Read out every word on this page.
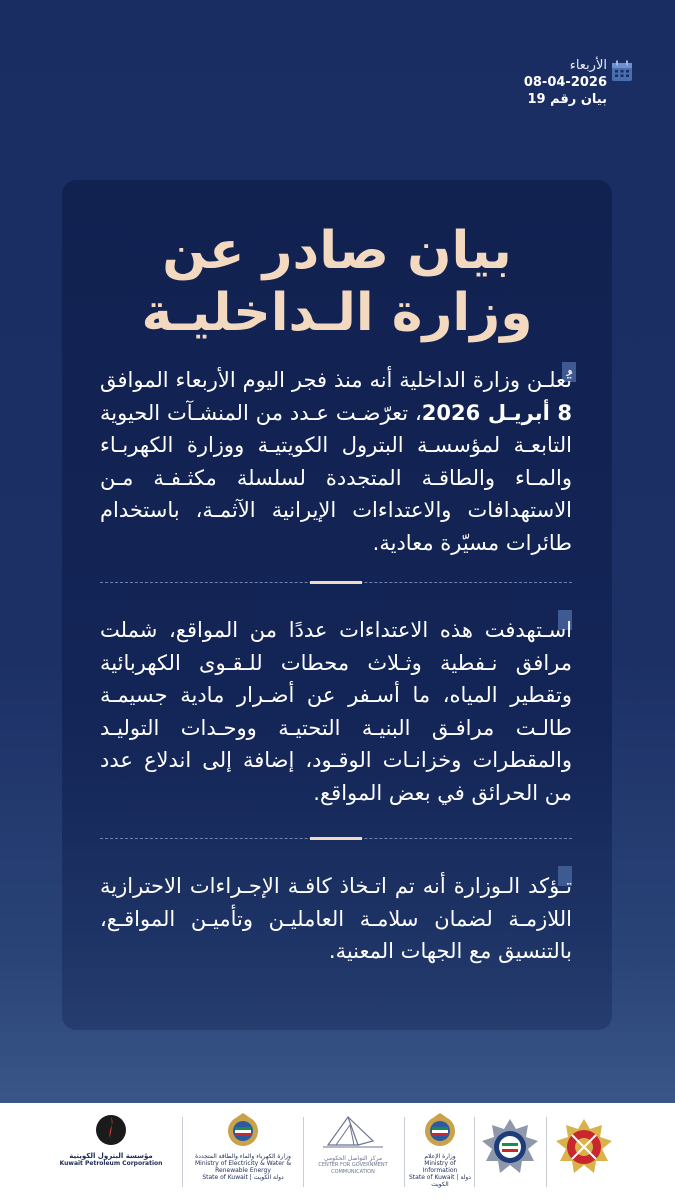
الأربعاء
08-04-2026
بيان رقم 19
بيان صادر عن
وزارة الـداخليـة
تُعلـن وزارة الداخلية أنه منذ فجر اليوم الأربعاء الموافق 8 أبريـل 2026، تعرّضـت عـدد من المنشـآت الحيوية التابعـة لمؤسسـة البترول الكويتيـة ووزارة الكهربـاء والمـاء والطاقـة المتجددة لسلسلة مكثـفـة مـن الاستهدافات والاعتداءات الإيرانية الآثمـة، باستخدام طائرات مسيّرة معادية.
اسـتهدفت هذه الاعتداءات عددًا من المواقع، شملت مرافق نـفطية وثـلاث محطات للـقـوى الكهربائية وتقطير المياه، ما أسـفر عن أضـرار مادية جسيمـة طالـت مرافـق البنيـة التحتيـة ووحـدات التوليـد والمقطرات وخزانـات الوقـود، إضافة إلى اندلاع عدد من الحرائق في بعض المواقع.
تـؤكد الـوزارة أنه تم اتـخاذ كافـة الإجـراءات الاحترازية اللازمـة لضمان سلامـة العامليـن وتأميـن المواقـع، بالتنسيق مع الجهات المعنية.
مؤسسة البترول الكويتية
Kuwait Petroleum Corporation
وزارة الكهرباء والماء والطاقة المتجددة
Ministry of Electricity & Water & Renewable Energy
State of Kuwait | دولة الكويت
مركز التواصل الحكومي
CENTER FOR GOVERNMENT COMMUNICATION
وزارة الإعلام
Ministry of Information
State of Kuwait | دولة الكويت
